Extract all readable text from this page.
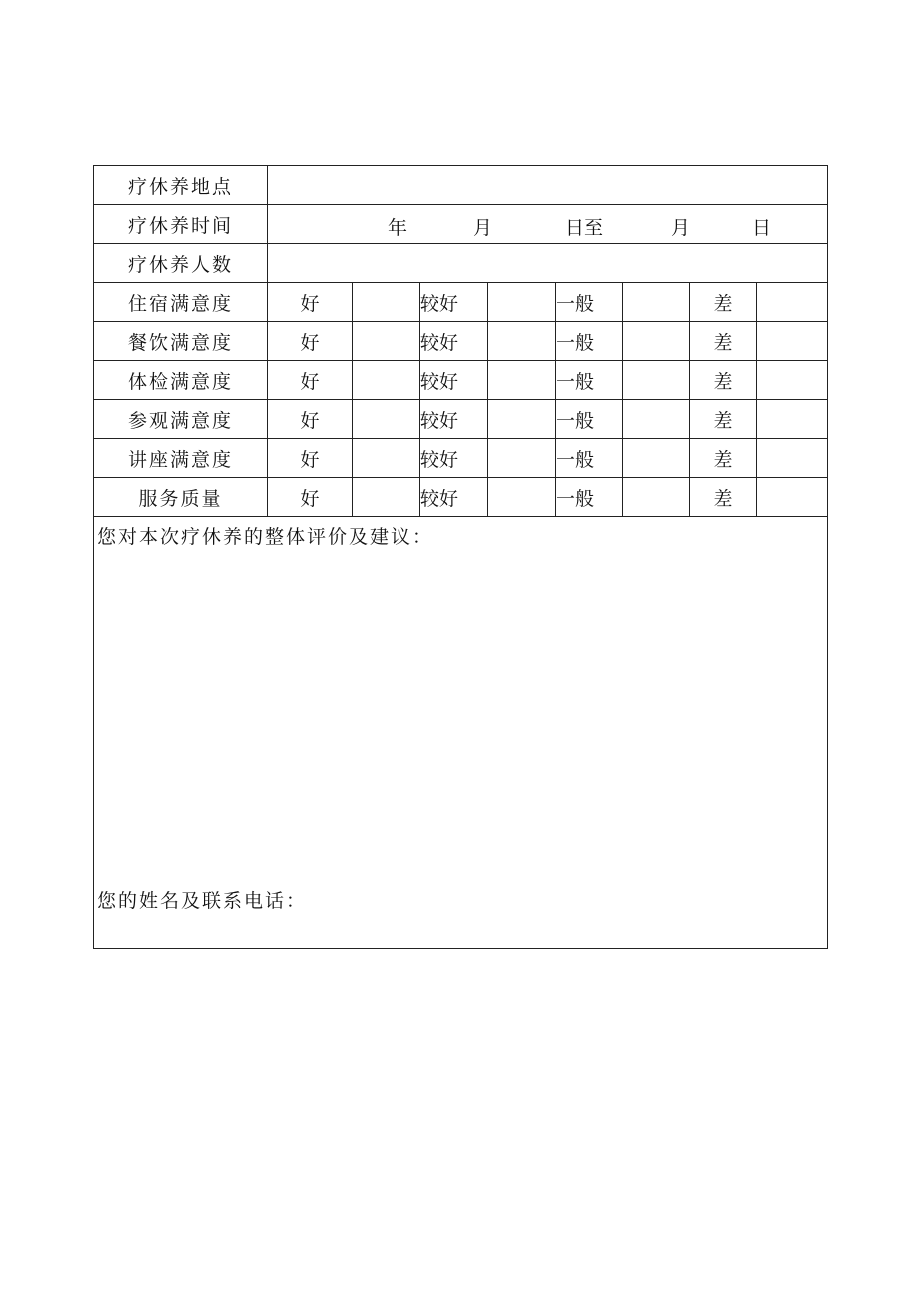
疗休养地点								
疗休养时间	年 月 日至 月 日							

疗休养人数								
住宿满意度	好		较好		一般		差	
餐饮满意度	好		较好		一般		差	
体检满意度	好		较好		一般		差	
参观满意度	好		较好		一般		差	
讲座满意度	好		较好		一般		差	
服务质量	好		较好		一般		差	

您对本次疗休养的整体评价及建议：
您的姓名及联系电话：								
